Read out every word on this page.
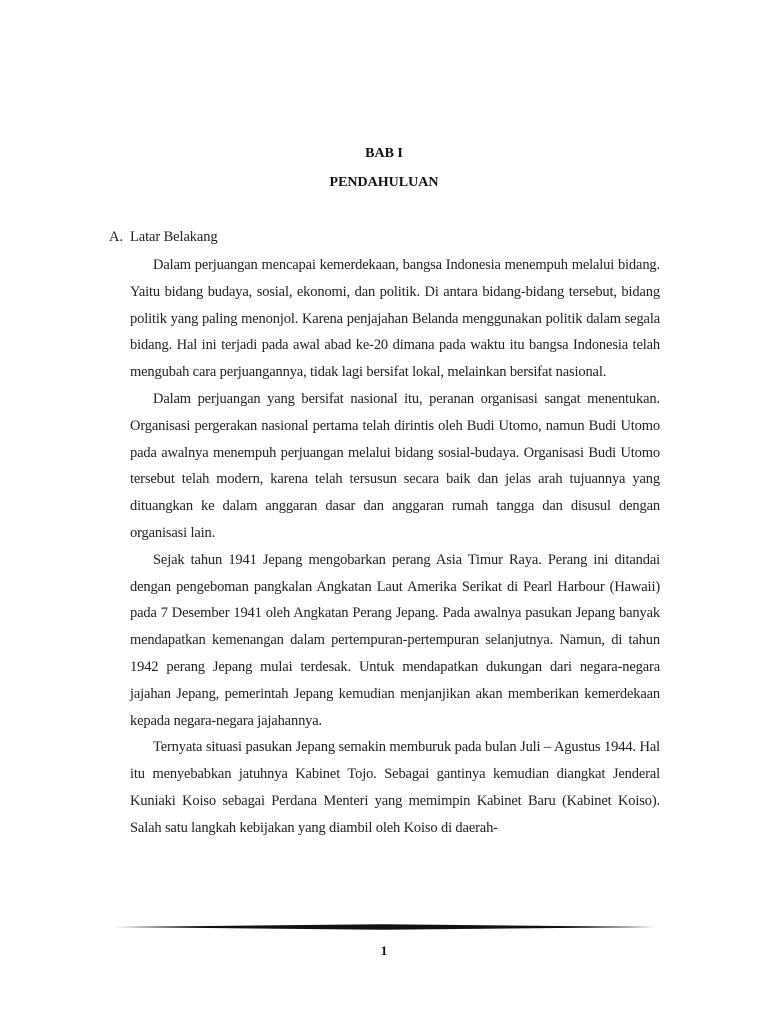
BAB I
PENDAHULUAN
A. Latar Belakang

Dalam perjuangan mencapai kemerdekaan, bangsa Indonesia menempuh melalui bidang. Yaitu bidang budaya, sosial, ekonomi, dan politik. Di antara bidang-bidang tersebut, bidang politik yang paling menonjol. Karena penjajahan Belanda menggunakan politik dalam segala bidang. Hal ini terjadi pada awal abad ke-20 dimana pada waktu itu bangsa Indonesia telah mengubah cara perjuangannya, tidak lagi bersifat lokal, melainkan bersifat nasional.

Dalam perjuangan yang bersifat nasional itu, peranan organisasi sangat menentukan. Organisasi pergerakan nasional pertama telah dirintis oleh Budi Utomo, namun Budi Utomo pada awalnya menempuh perjuangan melalui bidang sosial-budaya. Organisasi Budi Utomo tersebut telah modern, karena telah tersusun secara baik dan jelas arah tujuannya yang dituangkan ke dalam anggaran dasar dan anggaran rumah tangga dan disusul dengan organisasi lain.

Sejak tahun 1941 Jepang mengobarkan perang Asia Timur Raya. Perang ini ditandai dengan pengeboman pangkalan Angkatan Laut Amerika Serikat di Pearl Harbour (Hawaii) pada 7 Desember 1941 oleh Angkatan Perang Jepang. Pada awalnya pasukan Jepang banyak mendapatkan kemenangan dalam pertempuran-pertempuran selanjutnya. Namun, di tahun 1942 perang Jepang mulai terdesak. Untuk mendapatkan dukungan dari negara-negara jajahan Jepang, pemerintah Jepang kemudian menjanjikan akan memberikan kemerdekaan kepada negara-negara jajahannya.

Ternyata situasi pasukan Jepang semakin memburuk pada bulan Juli – Agustus 1944. Hal itu menyebabkan jatuhnya Kabinet Tojo. Sebagai gantinya kemudian diangkat Jenderal Kuniaki Koiso sebagai Perdana Menteri yang memimpin Kabinet Baru (Kabinet Koiso). Salah satu langkah kebijakan yang diambil oleh Koiso di daerah-

1
